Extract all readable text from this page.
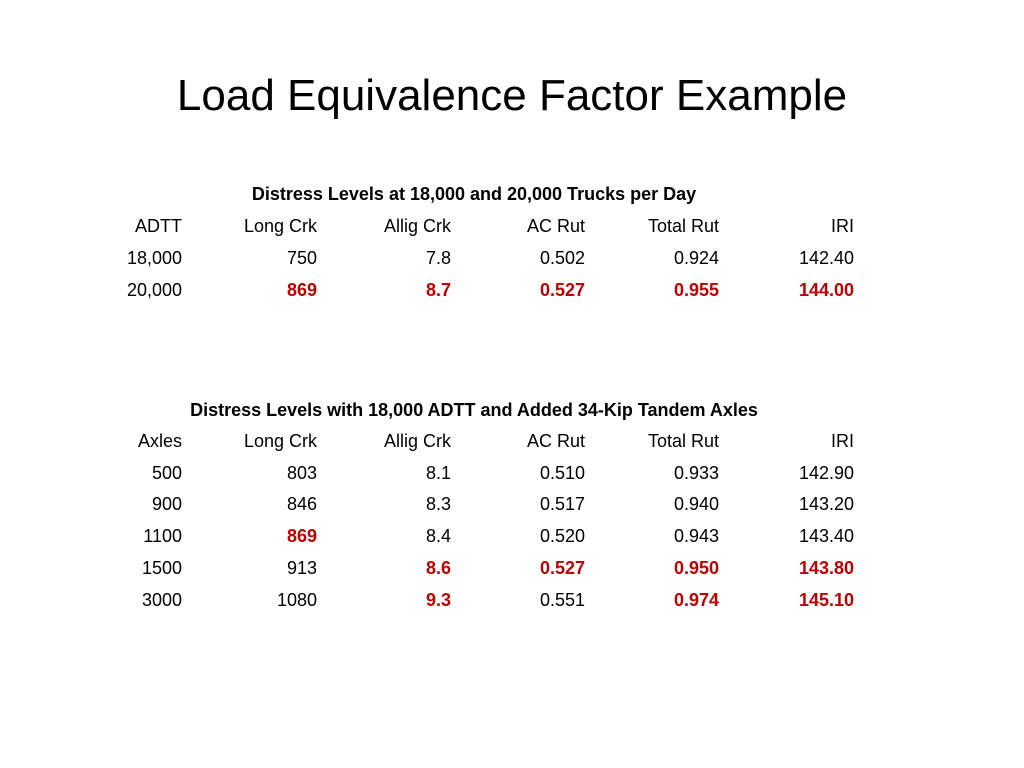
Load Equivalence Factor Example
Distress Levels at 18,000 and 20,000 Trucks per Day
ADTT	Long Crk	Allig Crk	AC Rut	Total Rut	IRI
18,000	750	7.8	0.502	0.924	142.40
20,000	869	8.7	0.527	0.955	144.00
Distress Levels with 18,000 ADTT and Added 34-Kip Tandem Axles
Axles	Long Crk	Allig Crk	AC Rut	Total Rut	IRI
500	803	8.1	0.510	0.933	142.90
900	846	8.3	0.517	0.940	143.20
1100	869	8.4	0.520	0.943	143.40
1500	913	8.6	0.527	0.950	143.80
3000	1080	9.3	0.551	0.974	145.10
